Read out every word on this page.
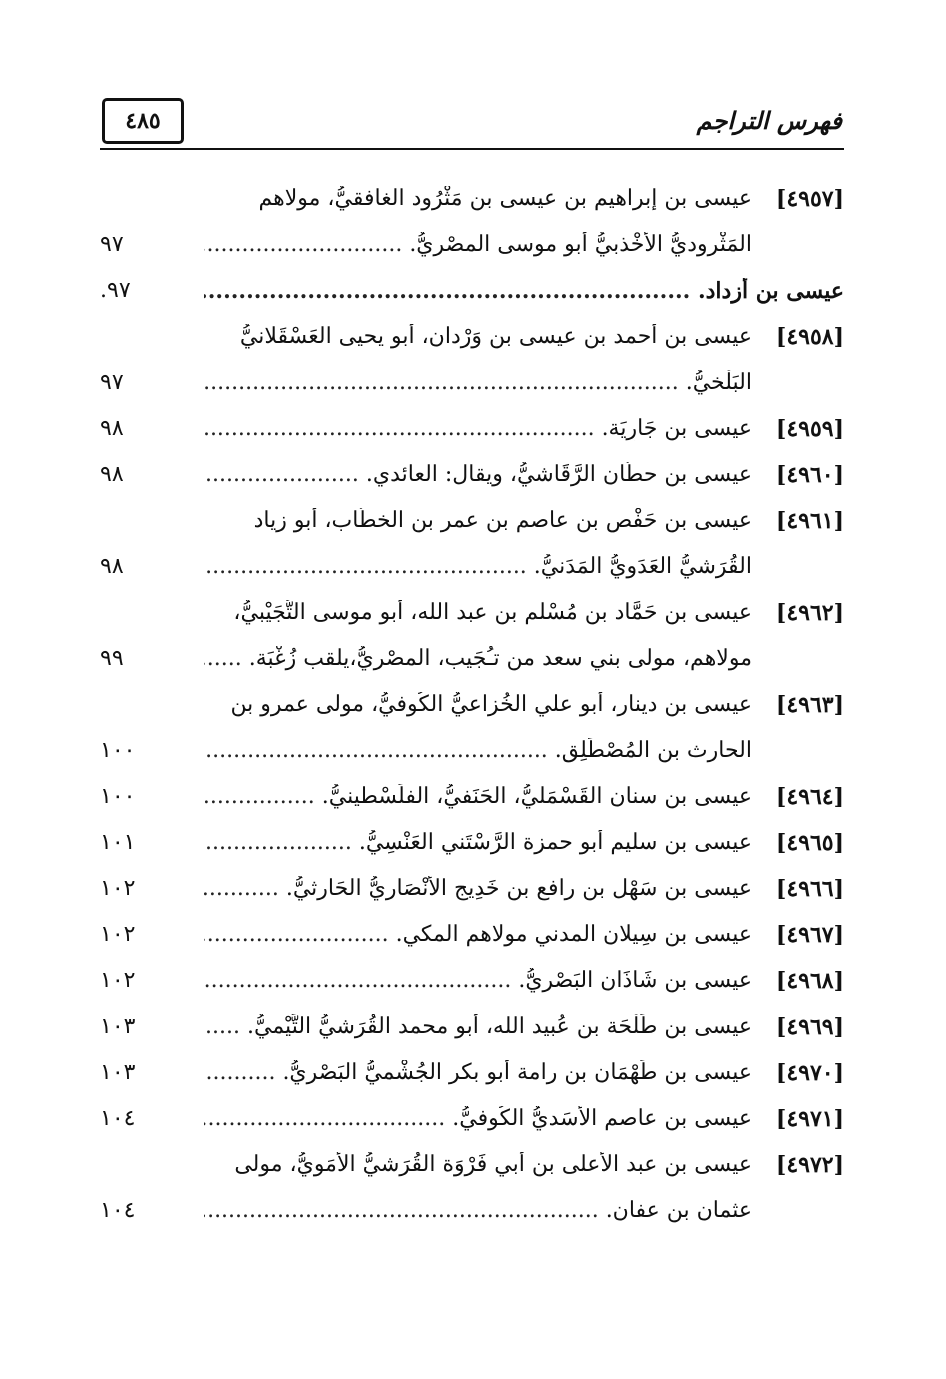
٤٨٥	فهرس التراجم
[٤٩٥٧]
عيسى بن إبراهيم بن عيسى بن مَثْرُود الغافقيُّ، مولاهم
المَثْروديُّ الأَخْذبيُّ أبو موسى المصْريُّ. .....
٩٧
عيسى بن أزداد. .....
٩٧.
[٤٩٥٨]
عيسى بن أحمد بن عيسى بن وَرْدان، أبو يحيى العَسْقَلانيُّ
البَلْخيُّ. .....
٩٧
[٤٩٥٩]
عيسى بن جَارِيَة. .....
٩٨
[٤٩٦٠]
عيسى بن حطَّان الرَّقَاشيُّ، ويقال: العائدي. .....
٩٨
[٤٩٦١]
عيسى بن حَفْص بن عاصم بن عمر بن الخطَّاب، أبو زياد
القُرَشيُّ العَدَويُّ المَدَنيُّ. .....
٩٨
[٤٩٦٢]
عيسى بن حَمَّاد بن مُسْلم بن عبد الله، أبو موسى التُّجَيْبيُّ،
مولاهم، مولى بني سعد من تـُجَيب، المصْريُّ،يلقب زُغْبَة. .....
٩٩
[٤٩٦٣]
عيسى بن دينار، أبو علي الخُزاعيُّ الكُوفيُّ، مولى عمرو بن
الحارث بن المُصْطَلِق. .....
١٠٠
[٤٩٦٤]
عيسى بن سنان القَسْمَليُّ، الحَنَفيُّ، الفلَسْطينيُّ. .....
١٠٠
[٤٩٦٥]
عيسى بن سليم أبو حمزة الرَّسْتَني العَنْسِيُّ. .....
١٠١
[٤٩٦٦]
عيسى بن سَهْل بن رافع بن خَدِيج الأَنْصَاريُّ الحَارثيُّ. .....
١٠٢
[٤٩٦٧]
عيسى بن سِيلان المدني مولاهم المكي. .....
١٠٢
[٤٩٦٨]
عيسى بن شَاذَان البَصْريُّ. .....
١٠٢
[٤٩٦٩]
عيسى بن طَلْحَة بن عُبيد الله، أبو محمد القُرَشيُّ التَّيْميُّ. .....
١٠٣
[٤٩٧٠]
عيسى بن طَهْمَان بن رامة أبو بكر الجُشْميُّ البَصْريُّ. .....
١٠٣
[٤٩٧١]
عيسى بن عاصم الأَسَديُّ الكُوفيُّ. .....
١٠٤
[٤٩٧٢]
عيسى بن عبد الأعلى بن أبي فَرْوَة القُرَشيُّ الأُمَويُّ، مولى
عثمان بن عفان. .....
١٠٤
